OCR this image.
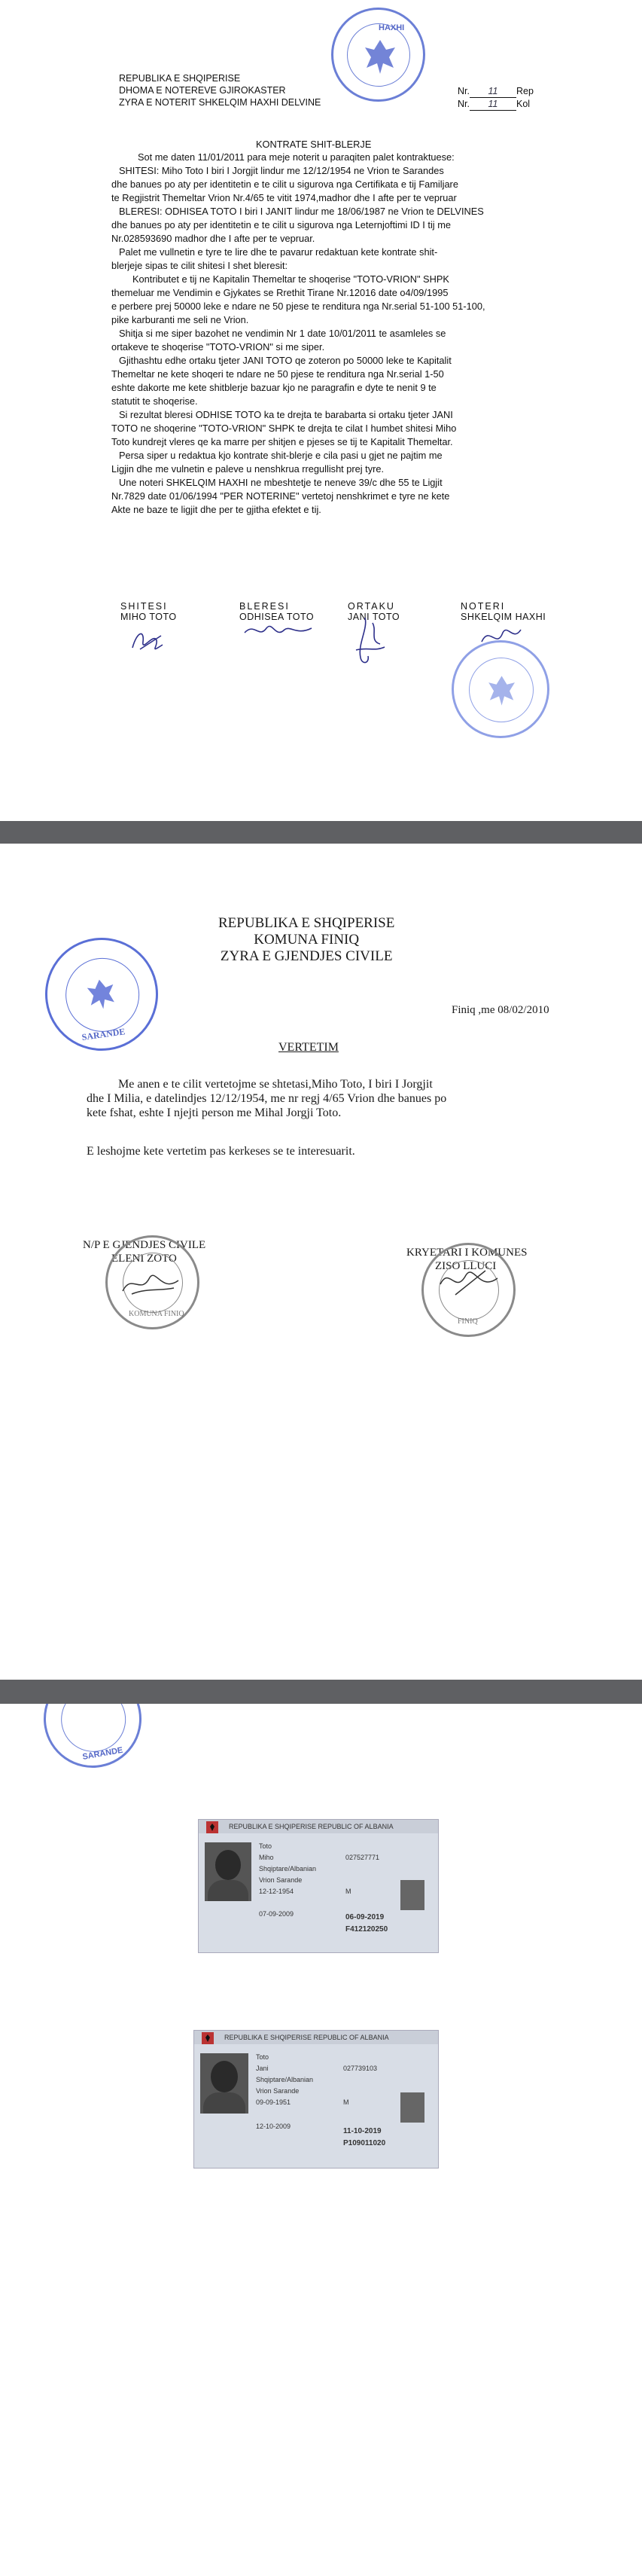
REPUBLIKA E SHQIPERISE
DHOMA E NOTEREVE GJIROKASTER
ZYRA E NOTERIT SHKELQIM HAXHI DELVINE
HAXHI
Nr. 11 Rep
Nr. 11 Kol
KONTRATE SHIT-BLERJE
Sot me daten 11/01/2011 para meje noterit u paraqiten palet kontraktuese:
SHITESI: Miho Toto I biri I Jorgjit lindur me 12/12/1954 ne Vrion te Sarandes
dhe banues po aty per identitetin e te cilit u sigurova nga Certifikata e tij Familjare
te Regjistrit Themeltar Vrion Nr.4/65 te vitit 1974,madhor dhe I afte per te vepruar
BLERESI: ODHISEA TOTO I biri I JANIT lindur me 18/06/1987 ne Vrion te DELVINES
dhe banues po aty per identitetin e te cilit u sigurova nga Leternjoftimi ID I tij me
Nr.028593690 madhor dhe I afte per te vepruar.
Palet me vullnetin e tyre te lire dhe te pavarur redaktuan kete kontrate shit-
blerjeje sipas te cilit shitesi I shet bleresit:
Kontributet e tij ne Kapitalin Themeltar te shoqerise "TOTO-VRION" SHPK
themeluar me Vendimin e Gjykates se Rrethit Tirane Nr.12016 date o4/09/1995
e perbere prej 50000 leke e ndare ne 50 pjese te renditura nga Nr.serial 51-100 51-100,
pike karburanti me seli ne Vrion.
Shitja si me siper bazohet ne vendimin Nr 1 date 10/01/2011 te asamleles se
ortakeve te shoqerise "TOTO-VRION" si me siper.
Gjithashtu edhe ortaku tjeter JANI TOTO qe zoteron po 50000 leke te Kapitalit
Themeltar ne kete shoqeri te ndare ne 50 pjese te renditura nga Nr.serial 1-50
eshte dakorte me kete shitblerje bazuar kjo ne paragrafin e dyte te nenit 9 te
statutit te shoqerise.
Si rezultat bleresi ODHISE TOTO ka te drejta te barabarta si ortaku tjeter JANI
TOTO ne shoqerine "TOTO-VRION" SHPK te drejta te cilat I humbet shitesi Miho
Toto kundrejt vleres qe ka marre per shitjen e pjeses se tij te Kapitalit Themeltar.
Persa siper u redaktua kjo kontrate shit-blerje e cila pasi u gjet ne pajtim me
Ligjin dhe me vulnetin e paleve u nenshkrua rregullisht prej tyre.
Une noteri SHKELQIM HAXHI ne mbeshtetje te neneve 39/c dhe 55 te Ligjit
Nr.7829 date 01/06/1994 "PER NOTERINE" vertetoj nenshkrimet e tyre ne kete
Akte ne baze te ligjit dhe per te gjitha efektet e tij.
SHITESI
MIHO TOTO
BLERESI
ODHISEA TOTO
ORTAKU
JANI TOTO
NOTERI
SHKELQIM HAXHI
REPUBLIKA E SHQIPERISE
KOMUNA FINIQ
ZYRA E GJENDJES CIVILE
SARANDE
Finiq ,me 08/02/2010
VERTETIM
Me anen e te cilit vertetojme se shtetasi,Miho Toto, I biri I Jorgjit
dhe I Milia, e datelindjes 12/12/1954, me nr regj 4/65 Vrion dhe banues po
kete fshat, eshte I njejti person me Mihal Jorgji Toto.
E leshojme kete vertetim pas kerkeses se te interesuarit.
N/P E GJENDJES CIVILE
ELENI ZOTO	KRYETARI I KOMUNES
ZISO LLUCI
KOMUNA FINIQ
FINIQ
SARANDE
REPUBLIKA E SHQIPERISE REPUBLIC OF ALBANIA
Toto
Miho
Shqiptare/Albanian
Vrion Sarande
12-12-1954
07-09-2009
027527771
M
06-09-2019
F412120250
REPUBLIKA E SHQIPERISE REPUBLIC OF ALBANIA
Toto
Jani
Shqiptare/Albanian
Vrion Sarande
09-09-1951
12-10-2009
027739103
M
11-10-2019
P109011020
